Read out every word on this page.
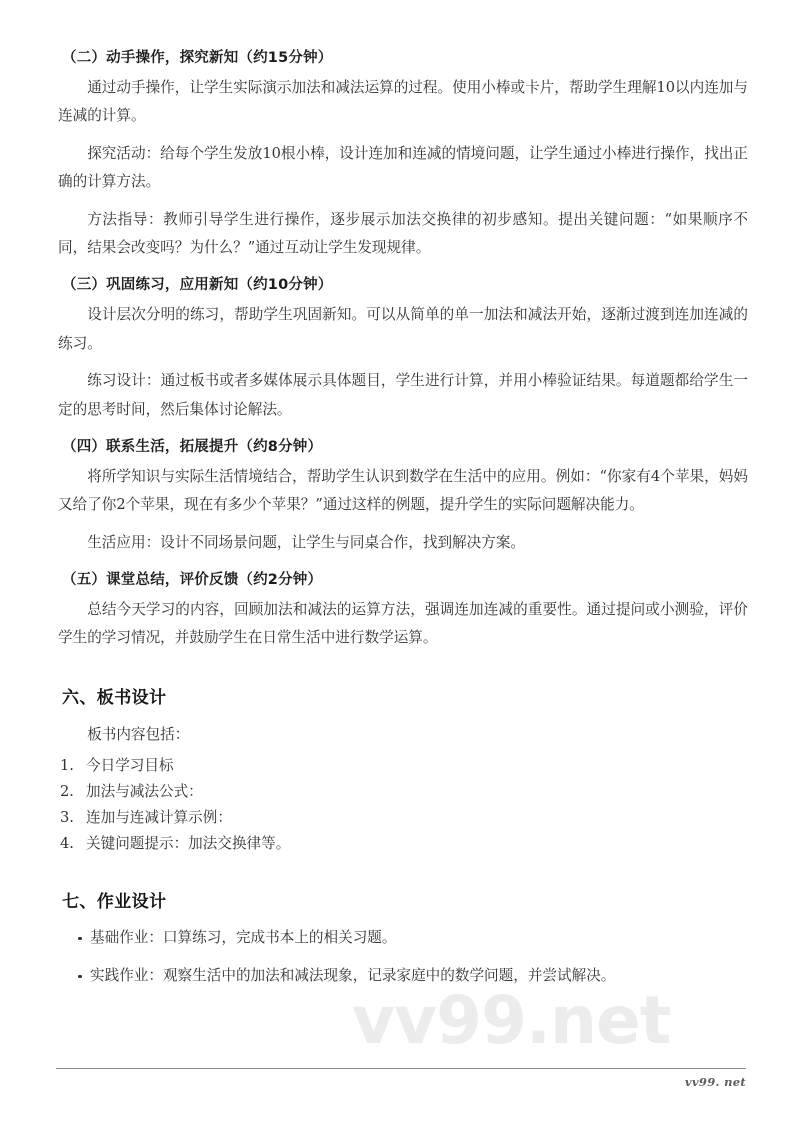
（二）动手操作，探究新知（约15分钟）

通过动手操作，让学生实际演示加法和减法运算的过程。使用小棒或卡片，帮助学生理解10以内连加与连减的计算。

探究活动：给每个学生发放10根小棒，设计连加和连减的情境问题，让学生通过小棒进行操作，找出正确的计算方法。

方法指导：教师引导学生进行操作，逐步展示加法交换律的初步感知。提出关键问题：“如果顺序不同，结果会改变吗？为什么？”通过互动让学生发现规律。

（三）巩固练习，应用新知（约10分钟）

设计层次分明的练习，帮助学生巩固新知。可以从简单的单一加法和减法开始，逐渐过渡到连加连减的练习。

练习设计：通过板书或者多媒体展示具体题目，学生进行计算，并用小棒验证结果。每道题都给学生一定的思考时间，然后集体讨论解法。

（四）联系生活，拓展提升（约8分钟）

将所学知识与实际生活情境结合，帮助学生认识到数学在生活中的应用。例如：“你家有4个苹果，妈妈又给了你2个苹果，现在有多少个苹果？”通过这样的例题，提升学生的实际问题解决能力。

生活应用：设计不同场景问题，让学生与同桌合作，找到解决方案。

（五）课堂总结，评价反馈（约2分钟）

总结今天学习的内容，回顾加法和减法的运算方法，强调连加连减的重要性。通过提问或小测验，评价学生的学习情况，并鼓励学生在日常生活中进行数学运算。

六、板书设计

板书内容包括：

今日学习目标
加法与减法公式：
连加与连减计算示例：
关键问题提示：加法交换律等。
七、作业设计
基础作业：口算练习，完成书本上的相关习题。
实践作业：观察生活中的加法和减法现象，记录家庭中的数学问题，并尝试解决。
vv99.net
vv99. net
